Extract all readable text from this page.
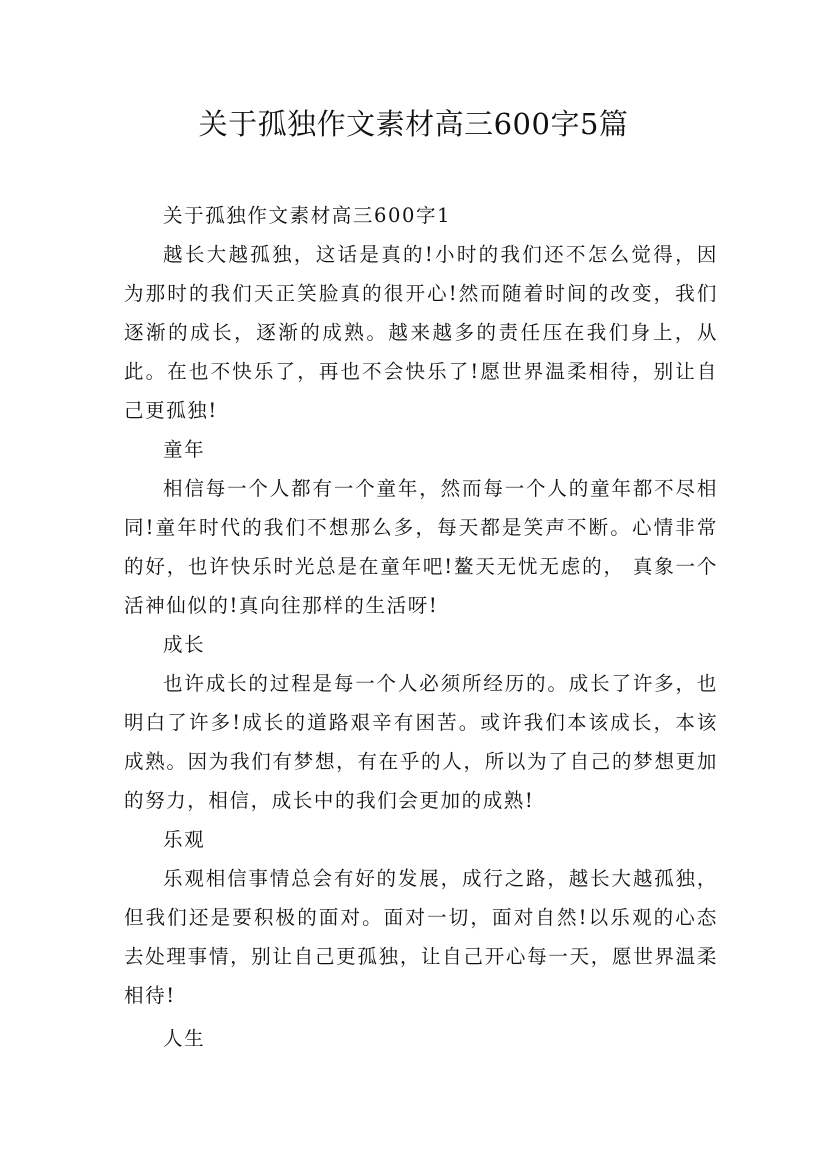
关于孤独作文素材高三600字5篇

关于孤独作文素材高三600字1

越长大越孤独，这话是真的!小时的我们还不怎么觉得，因为那时的我们天正笑脸真的很开心!然而随着时间的改变，我们逐渐的成长，逐渐的成熟。越来越多的责任压在我们身上，从此。在也不快乐了，再也不会快乐了!愿世界温柔相待，别让自己更孤独!

童年

相信每一个人都有一个童年，然而每一个人的童年都不尽相同!童年时代的我们不想那么多，每天都是笑声不断。心情非常的好，也许快乐时光总是在童年吧!鳌天无忧无虑的， 真象一个活神仙似的!真向往那样的生活呀!

成长

也许成长的过程是每一个人必须所经历的。成长了许多，也明白了许多!成长的道路艰辛有困苦。或许我们本该成长，本该成熟。因为我们有梦想，有在乎的人，所以为了自己的梦想更加的努力，相信，成长中的我们会更加的成熟!

乐观

乐观相信事情总会有好的发展，成行之路，越长大越孤独，但我们还是要积极的面对。面对一切，面对自然!以乐观的心态去处理事情，别让自己更孤独，让自己开心每一天，愿世界温柔相待!

人生
